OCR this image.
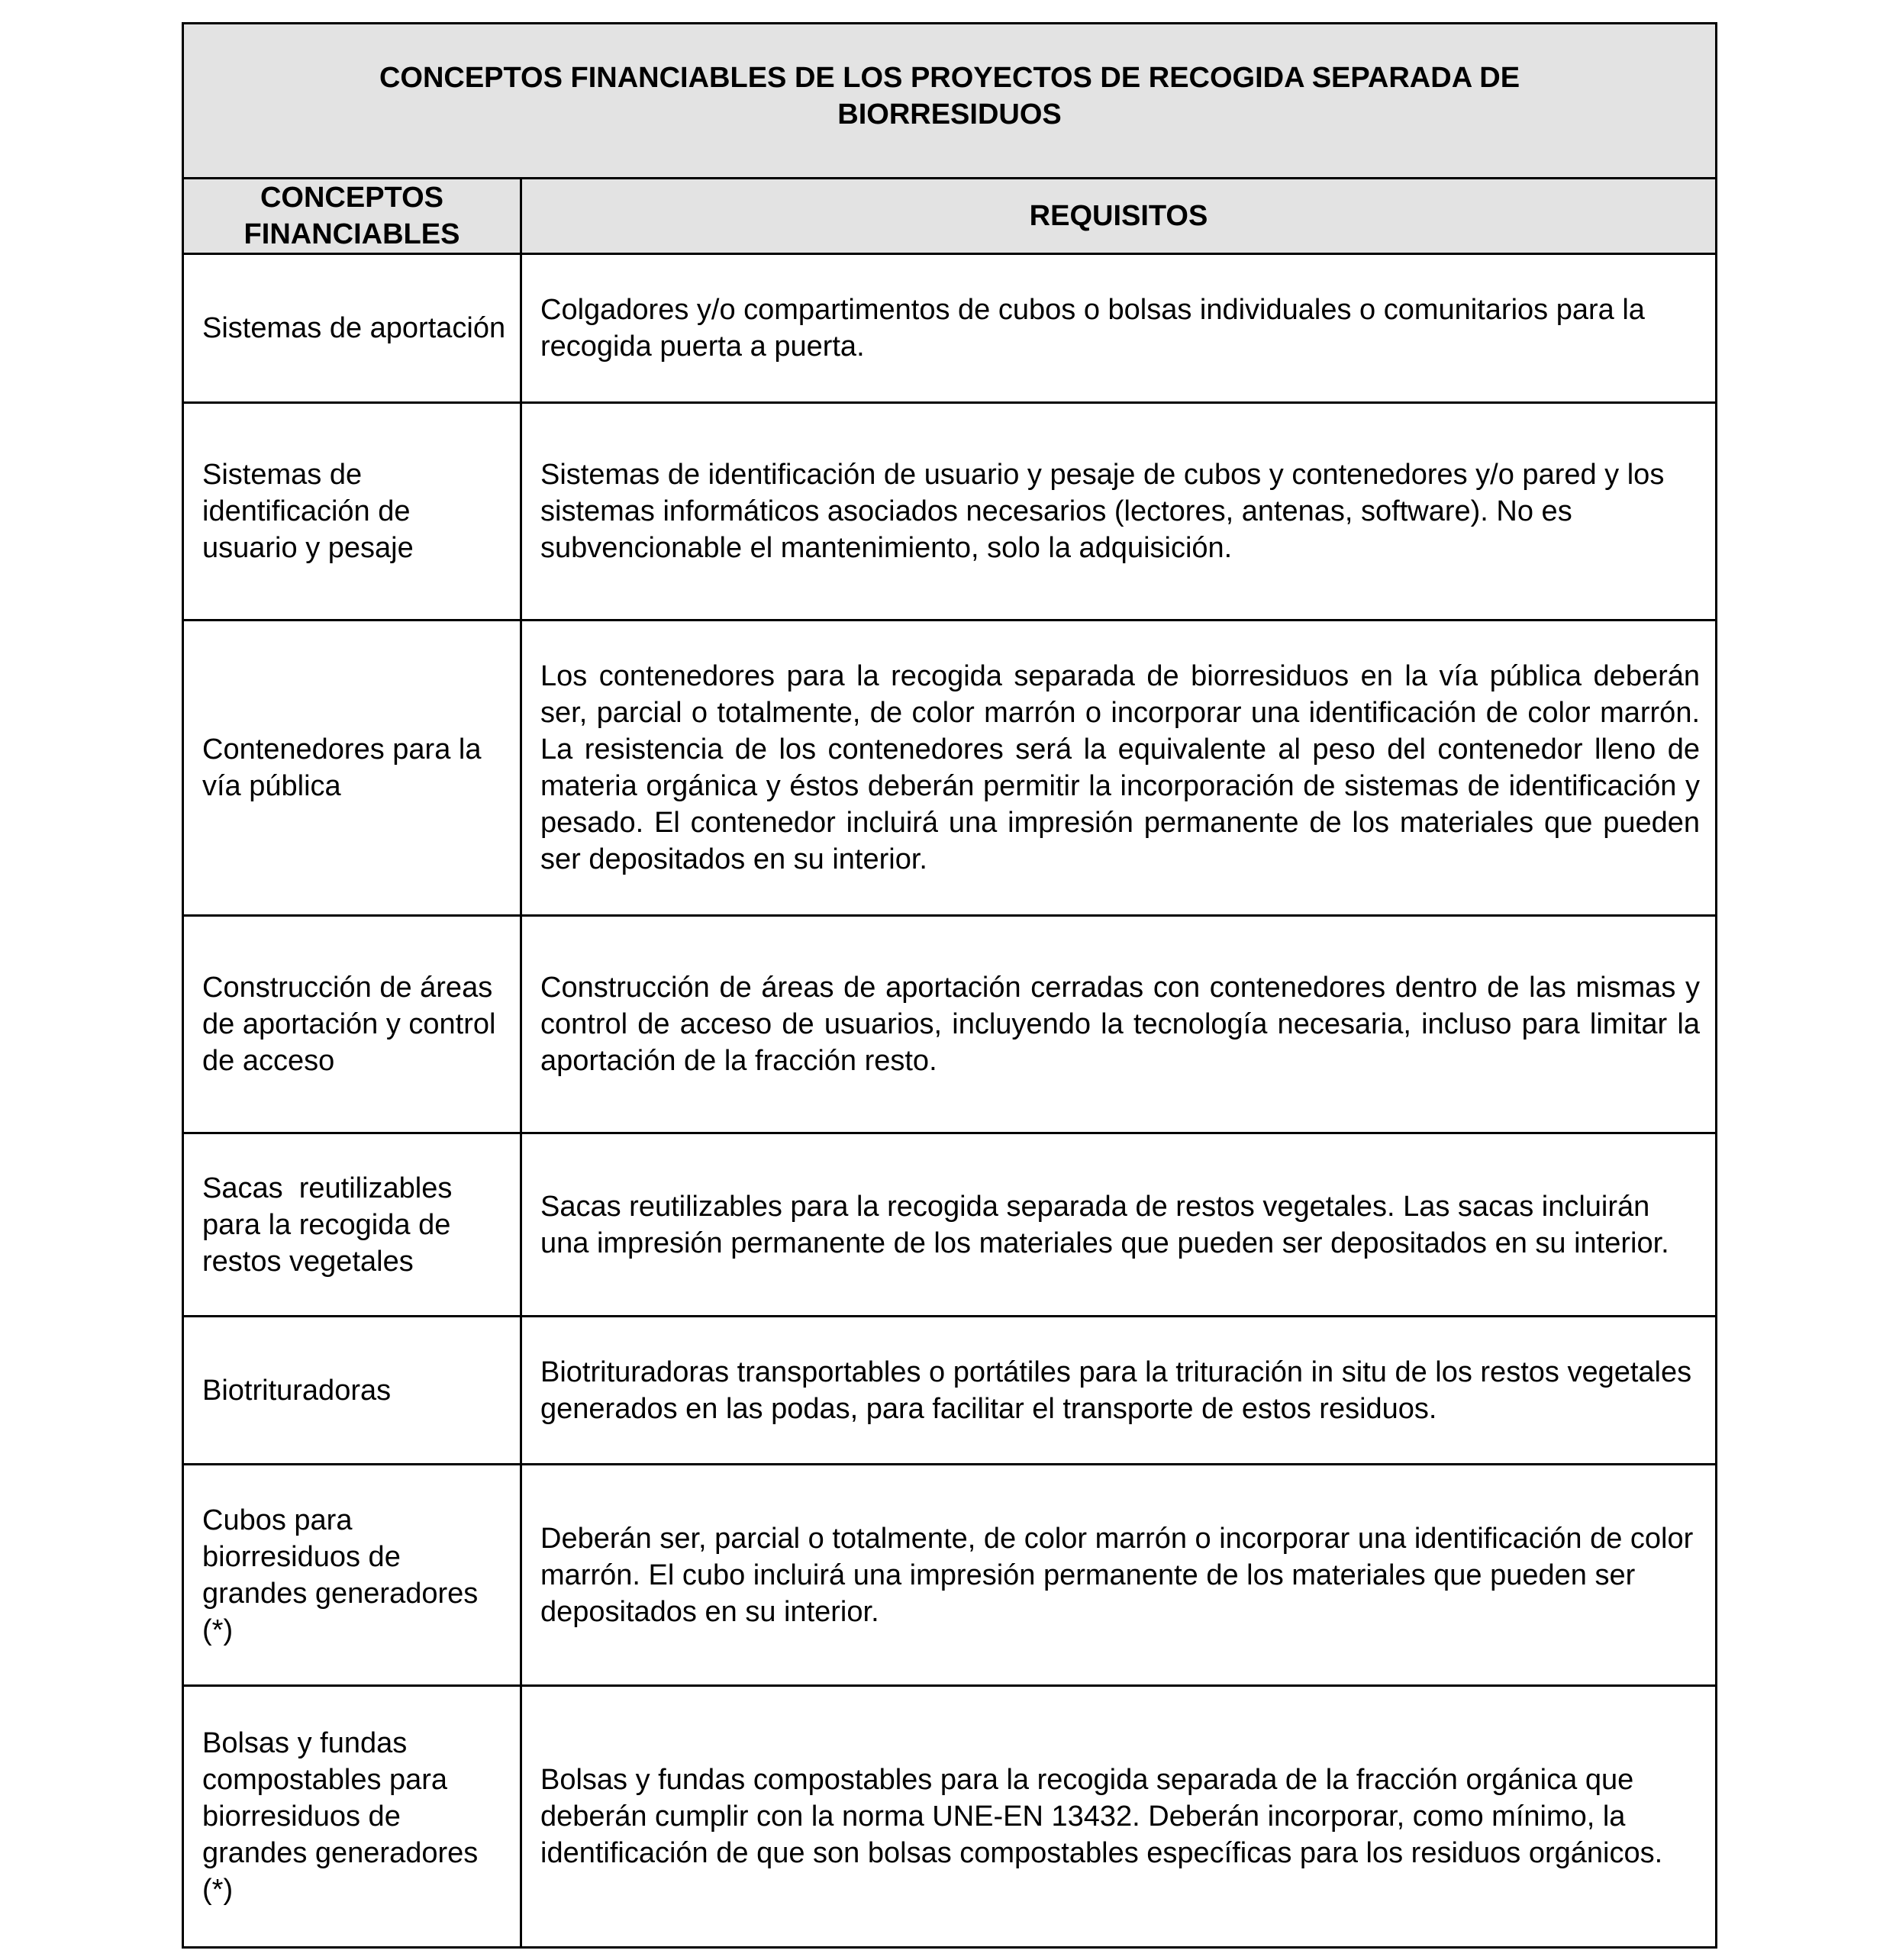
CONCEPTOS FINANCIABLES DE LOS PROYECTOS DE RECOGIDA SEPARADA DE BIORRESIDUOS	
CONCEPTOS FINANCIABLES	REQUISITOS
Sistemas de aportación	Colgadores y/o compartimentos de cubos o bolsas individuales o comunitarios para la recogida puerta a puerta.
Sistemas de identificación de usuario y pesaje	Sistemas de identificación de usuario y pesaje de cubos y contenedores y/o pared y los sistemas informáticos asociados necesarios (lectores, antenas, software). No es subvencionable el mantenimiento, solo la adquisición.
Contenedores para la vía pública	Los contenedores para la recogida separada de biorresiduos en la vía pública deberán ser, parcial o totalmente, de color marrón o incorporar una identificación de color marrón. La resistencia de los contenedores será la equivalente al peso del contenedor lleno de materia orgánica y éstos deberán permitir la incorporación de sistemas de identificación y pesado. El contenedor incluirá una impresión permanente de los materiales que pueden ser depositados en su interior.
Construcción de áreas de aportación y control de acceso	Construcción de áreas de aportación cerradas con contenedores dentro de las mismas y control de acceso de usuarios, incluyendo la tecnología necesaria, incluso para limitar la aportación de la fracción resto.
Sacas  reutilizables para la recogida de restos vegetales	Sacas reutilizables para la recogida separada de restos vegetales. Las sacas incluirán una impresión permanente de los materiales que pueden ser depositados en su interior.
Biotrituradoras	Biotrituradoras transportables o portátiles para la trituración in situ de los restos vegetales generados en las podas, para facilitar el transporte de estos residuos.
Cubos para biorresiduos de grandes generadores (*)	Deberán ser, parcial o totalmente, de color marrón o incorporar una identificación de color marrón. El cubo incluirá una impresión permanente de los materiales que pueden ser depositados en su interior.
Bolsas y fundas compostables para biorresiduos de grandes generadores (*)	Bolsas y fundas compostables para la recogida separada de la fracción orgánica que deberán cumplir con la norma UNE-EN 13432. Deberán incorporar, como mínimo, la identificación de que son bolsas compostables específicas para los residuos orgánicos.
